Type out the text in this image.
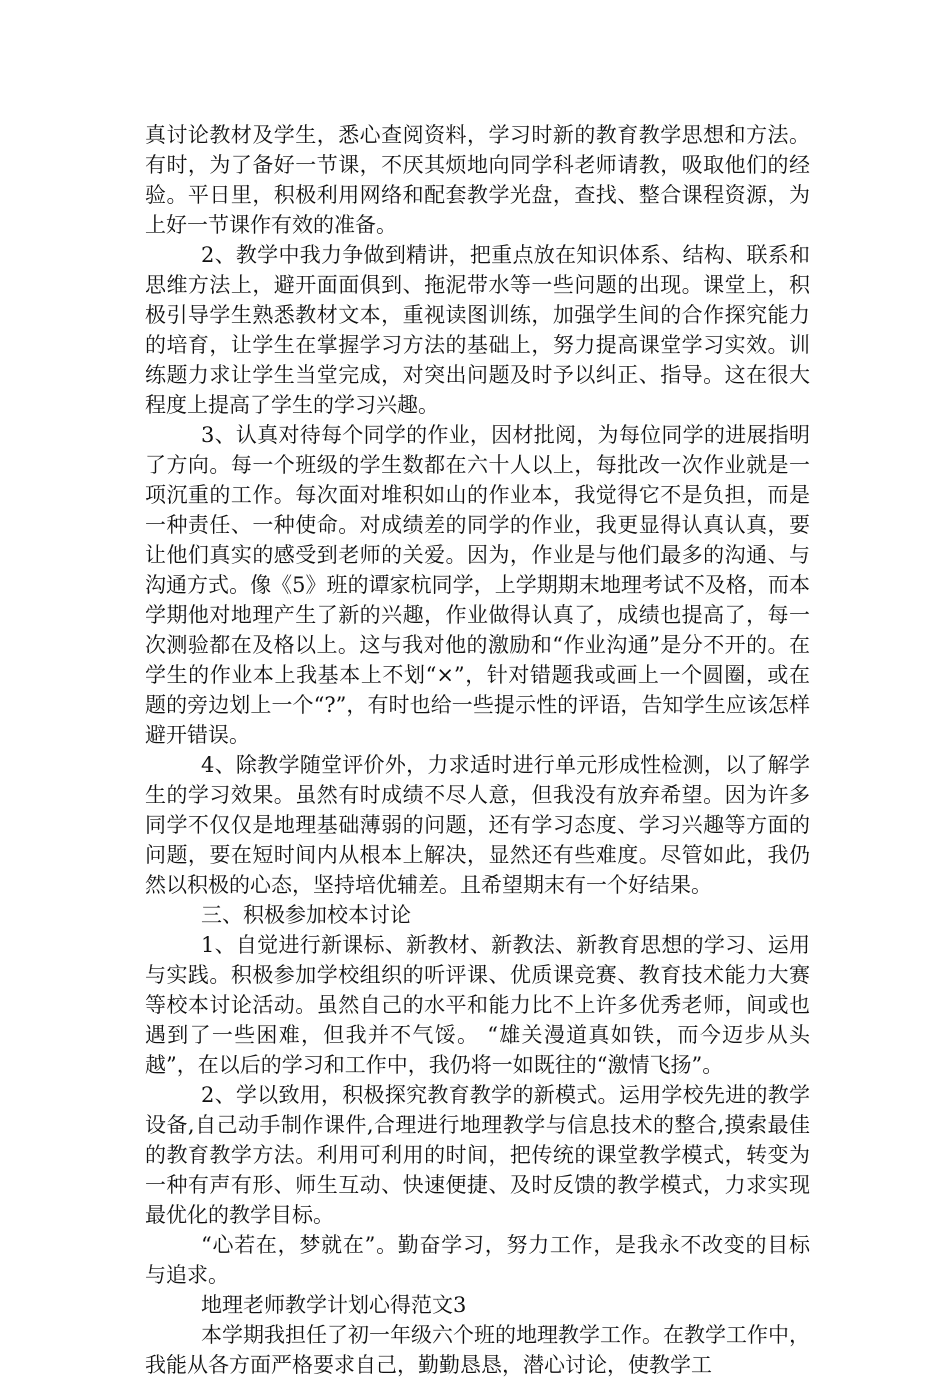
真讨论教材及学生，悉心查阅资料，学习时新的教育教学思想和方法。有时，为了备好一节课，不厌其烦地向同学科老师请教，吸取他们的经验。平日里，积极利用网络和配套教学光盘，查找、整合课程资源，为上好一节课作有效的准备。

2、教学中我力争做到精讲，把重点放在知识体系、结构、联系和思维方法上，避开面面俱到、拖泥带水等一些问题的出现。课堂上，积极引导学生熟悉教材文本，重视读图训练，加强学生间的合作探究能力的培育，让学生在掌握学习方法的基础上，努力提高课堂学习实效。训练题力求让学生当堂完成，对突出问题及时予以纠正、指导。这在很大程度上提高了学生的学习兴趣。

3、认真对待每个同学的作业，因材批阅，为每位同学的进展指明了方向。每一个班级的学生数都在六十人以上，每批改一次作业就是一项沉重的工作。每次面对堆积如山的作业本，我觉得它不是负担，而是一种责任、一种使命。对成绩差的同学的作业，我更显得认真认真，要让他们真实的感受到老师的关爱。因为，作业是与他们最多的沟通、与沟通方式。像《5》班的谭家杭同学，上学期期末地理考试不及格，而本学期他对地理产生了新的兴趣，作业做得认真了，成绩也提高了，每一次测验都在及格以上。这与我对他的激励和“作业沟通”是分不开的。在学生的作业本上我基本上不划“×”，针对错题我或画上一个圆圈，或在题的旁边划上一个“?”，有时也给一些提示性的评语，告知学生应该怎样避开错误。

4、除教学随堂评价外，力求适时进行单元形成性检测，以了解学生的学习效果。虽然有时成绩不尽人意，但我没有放弃希望。因为许多同学不仅仅是地理基础薄弱的问题，还有学习态度、学习兴趣等方面的问题，要在短时间内从根本上解决，显然还有些难度。尽管如此，我仍然以积极的心态，坚持培优辅差。且希望期末有一个好结果。

三、积极参加校本讨论

1、自觉进行新课标、新教材、新教法、新教育思想的学习、运用与实践。积极参加学校组织的听评课、优质课竞赛、教育技术能力大赛等校本讨论活动。虽然自己的水平和能力比不上许多优秀老师，间或也遇到了一些困难，但我并不气馁。 “雄关漫道真如铁，而今迈步从头越”，在以后的学习和工作中，我仍将一如既往的“激情飞扬”。

2、学以致用，积极探究教育教学的新模式。运用学校先进的教学设备,自己动手制作课件,合理进行地理教学与信息技术的整合,摸索最佳的教育教学方法。利用可利用的时间，把传统的课堂教学模式，转变为一种有声有形、师生互动、快速便捷、及时反馈的教学模式，力求实现最优化的教学目标。

“心若在，梦就在”。勤奋学习，努力工作，是我永不改变的目标与追求。

地理老师教学计划心得范文3

本学期我担任了初一年级六个班的地理教学工作。在教学工作中，我能从各方面严格要求自己，勤勤恳恳，潜心讨论，使教学工
